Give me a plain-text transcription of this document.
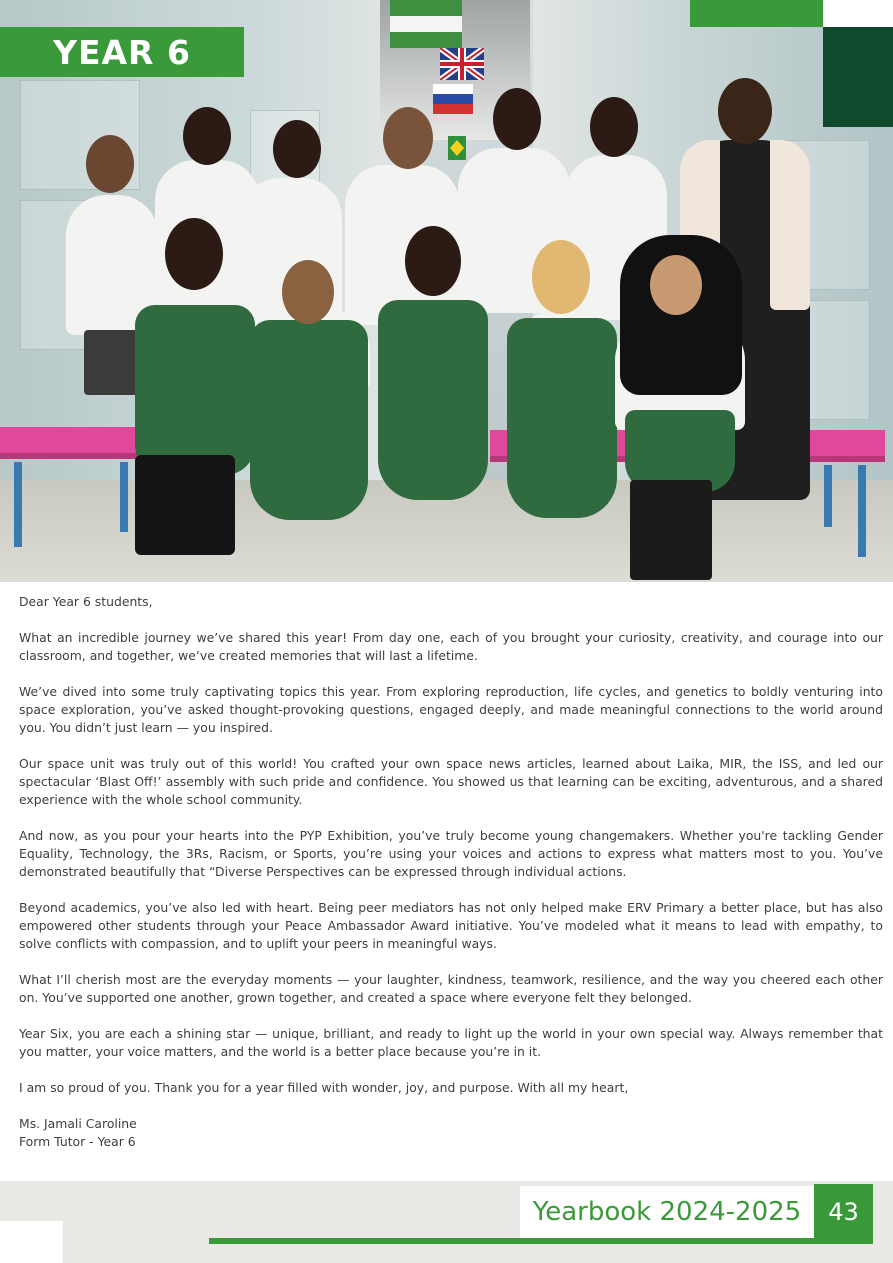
YEAR 6

Dear Year 6 students,

What an incredible journey we’ve shared this year! From day one, each of you brought your curiosity, creativity, and courage into our classroom, and together, we’ve created memories that will last a lifetime.

We’ve dived into some truly captivating topics this year. From exploring reproduction, life cycles, and genetics to boldly venturing into space exploration, you’ve asked thought-provoking questions, engaged deeply, and made meaningful connections to the world around you. You didn’t just learn — you inspired.

Our space unit was truly out of this world! You crafted your own space news articles, learned about Laika, MIR, the ISS, and led our spectacular ‘Blast Off!’ assembly with such pride and confidence. You showed us that learning can be exciting, adventurous, and a shared experience with the whole school community.

And now, as you pour your hearts into the PYP Exhibition, you’ve truly become young changemakers. Whether you're tackling Gender Equality, Technology, the 3Rs, Racism, or Sports, you’re using your voices and actions to express what matters most to you. You’ve demonstrated beautifully that “Diverse Perspectives can be expressed through individual actions.

Beyond academics, you’ve also led with heart. Being peer mediators has not only helped make ERV Primary a better place, but has also empowered other students through your Peace Ambassador Award initiative. You’ve modeled what it means to lead with empathy, to solve conflicts with compassion, and to uplift your peers in meaningful ways.

What I’ll cherish most are the everyday moments — your laughter, kindness, teamwork, resilience, and the way you cheered each other on. You’ve supported one another, grown together, and created a space where everyone felt they belonged.

Year Six, you are each a shining star — unique, brilliant, and ready to light up the world in your own special way. Always remember that you matter, your voice matters, and the world is a better place because you’re in it.

I am so proud of you. Thank you for a year filled with wonder, joy, and purpose. With all my heart,

Ms. Jamali Caroline

Form Tutor - Year 6

Yearbook 2024-2025 43
